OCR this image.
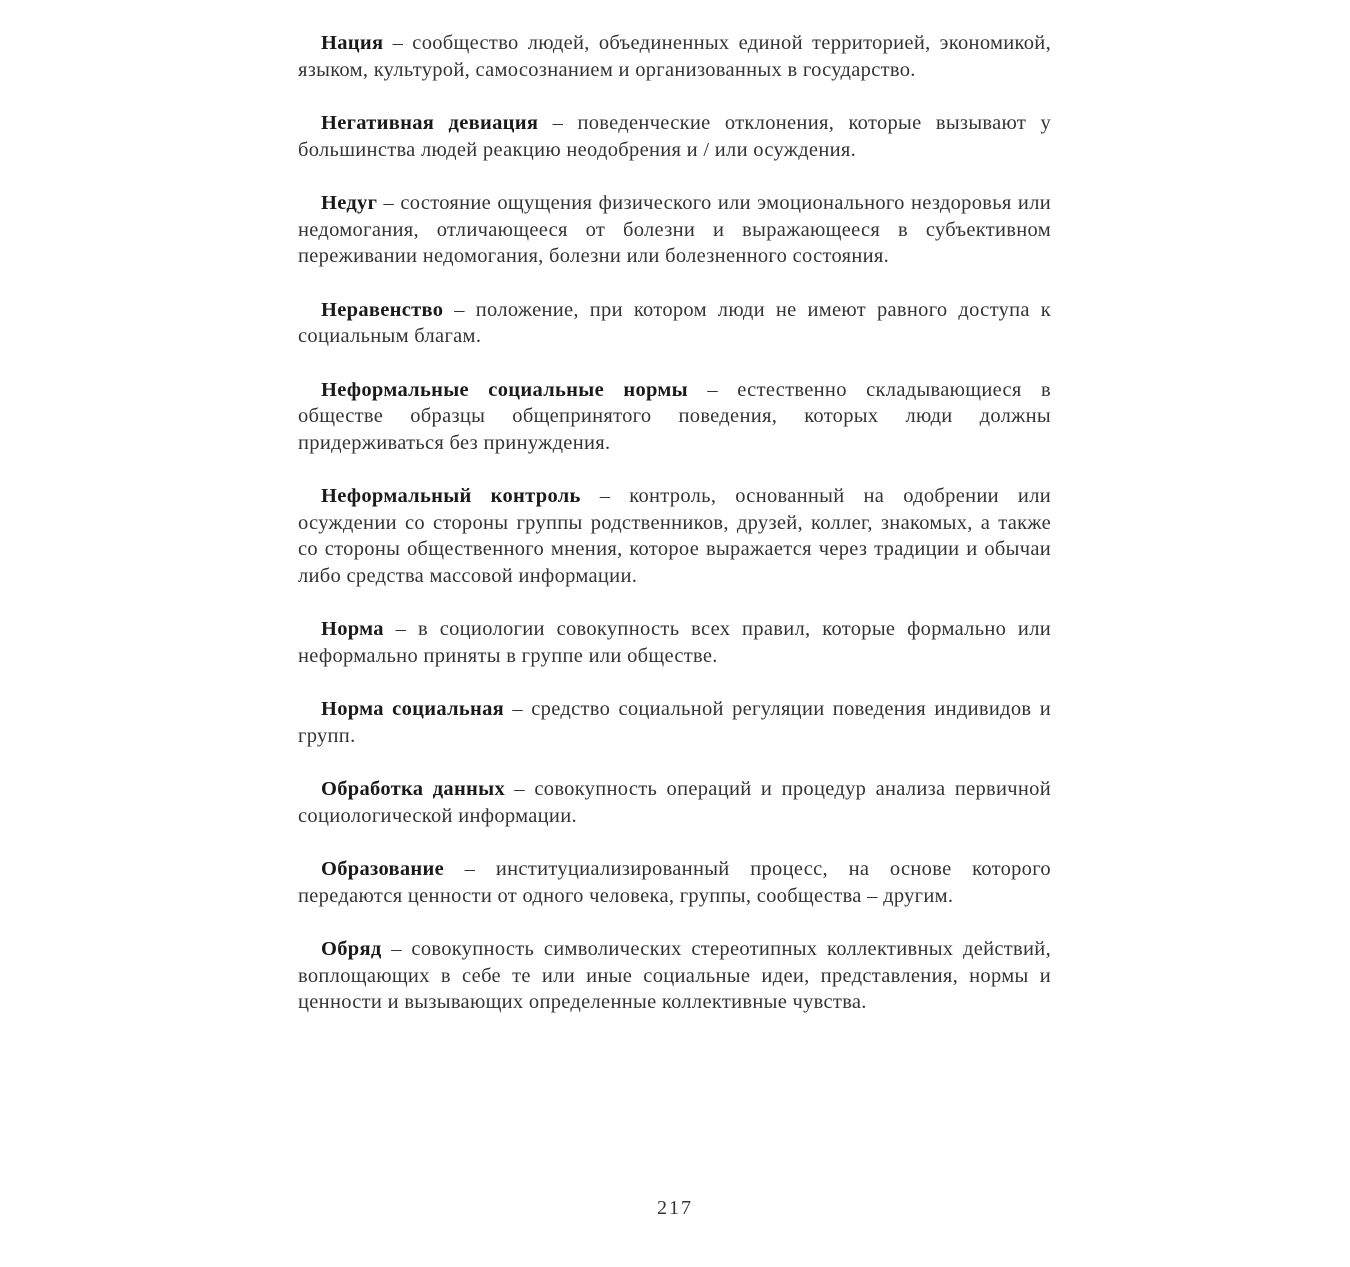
Нация – сообщество людей, объединенных единой территорией, экономикой, языком, культурой, самосознанием и организованных в государство.

Негативная девиация – поведенческие отклонения, которые вызывают у большинства людей реакцию неодобрения и / или осуждения.

Недуг – состояние ощущения физического или эмоционального нездоровья или недомогания, отличающееся от болезни и выражающееся в субъективном переживании недомогания, болезни или болезненного состояния.

Неравенство – положение, при котором люди не имеют равного доступа к социальным благам.

Неформальные социальные нормы – естественно складывающиеся в обществе образцы общепринятого поведения, которых люди должны придерживаться без принуждения.

Неформальный контроль – контроль, основанный на одобрении или осуждении со стороны группы родственников, друзей, коллег, знакомых, а также со стороны общественного мнения, которое выражается через традиции и обычаи либо средства массовой информации.

Норма – в социологии совокупность всех правил, которые формально или неформально приняты в группе или обществе.

Норма социальная – средство социальной регуляции поведения индивидов и групп.

Обработка данных – совокупность операций и процедур анализа первичной социологической информации.

Образование – институциализированный процесс, на основе которого передаются ценности от одного человека, группы, сообщества – другим.

Обряд – совокупность символических стереотипных коллективных действий, воплощающих в себе те или иные социальные идеи, представления, нормы и ценности и вызывающих определенные коллективные чувства.

217
